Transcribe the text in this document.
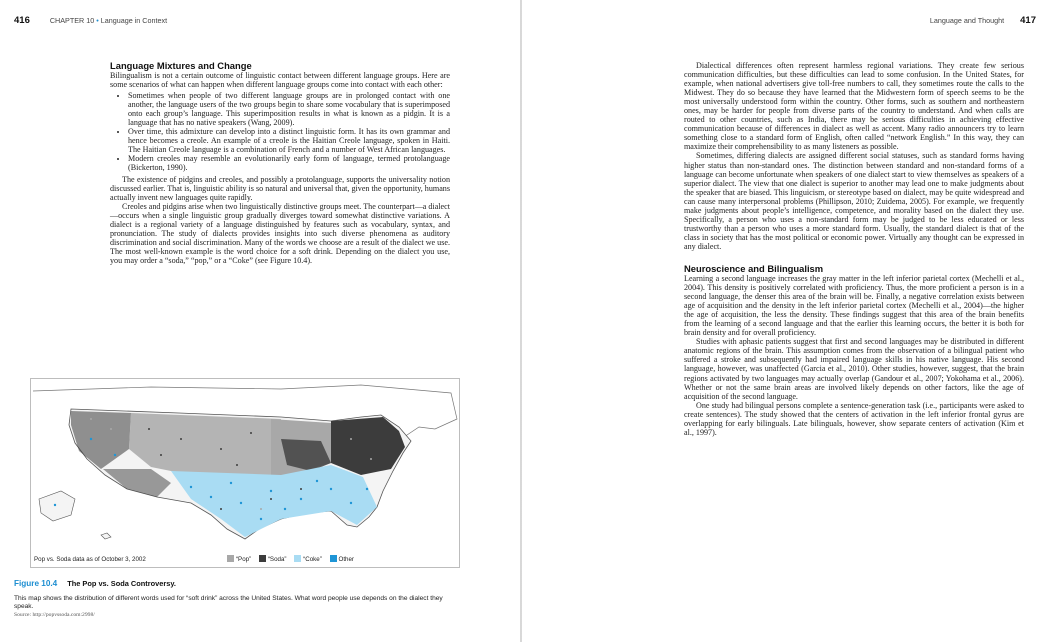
416	CHAPTER 10 • Language in Context
Language Mixtures and Change

Bilingualism is not a certain outcome of linguistic contact between different language groups. Here are some scenarios of what can happen when different language groups come into contact with each other:

• Sometimes when people of two different language groups are in prolonged contact with one another, the language users of the two groups begin to share some vocabulary that is superimposed onto each group’s language. This superimposition results in what is known as a pidgin. It is a language that has no native speakers (Wang, 2009).
• Over time, this admixture can develop into a distinct linguistic form. It has its own grammar and hence becomes a creole. An example of a creole is the Haitian Creole language, spoken in Haiti. The Haitian Creole language is a combination of French and a number of West African languages.
• Modern creoles may resemble an evolutionarily early form of language, termed protolanguage (Bickerton, 1990).

The existence of pidgins and creoles, and possibly a protolanguage, supports the universality notion discussed earlier. That is, linguistic ability is so natural and universal that, given the opportunity, humans actually invent new languages quite rapidly.

Creoles and pidgins arise when two linguistically distinctive groups meet. The counterpart—a dialect—occurs when a single linguistic group gradually diverges toward somewhat distinctive variations. A dialect is a regional variety of a language distinguished by features such as vocabulary, syntax, and pronunciation. The study of dialects provides insights into such diverse phenomena as auditory discrimination and social discrimination. Many of the words we choose are a result of the dialect we use. The most well-known example is the word choice for a soft drink. Depending on the dialect you use, you may order a “soda,” “pop,” or a “Coke” (see Figure 10.4).

Pop vs. Soda data as of October 3, 2002	“Pop”	“Soda”	“Coke”	Other
Figure 10.4 The Pop vs. Soda Controversy.
This map shows the distribution of different words used for “soft drink” across the United States. What word people use depends on the dialect they speak.
Source: http://popvssoda.com:2998/
Language and Thought 417

Dialectical differences often represent harmless regional variations. They create few serious communication difficulties, but these difficulties can lead to some confusion. In the United States, for example, when national advertisers give toll-free numbers to call, they sometimes route the calls to the Midwest. They do so because they have learned that the Midwestern form of speech seems to be the most universally understood form within the country. Other forms, such as southern and northeastern ones, may be harder for people from diverse parts of the country to understand. And when calls are routed to other countries, such as India, there may be serious difficulties in achieving effective communication because of differences in dialect as well as accent. Many radio announcers try to learn something close to a standard form of English, often called “network English.” In this way, they can maximize their comprehensibility to as many listeners as possible.

Sometimes, differing dialects are assigned different social statuses, such as standard forms having higher status than non-standard ones. The distinction between standard and non-standard forms of a language can become unfortunate when speakers of one dialect start to view themselves as speakers of a superior dialect. The view that one dialect is superior to another may lead one to make judgments about the speaker that are biased. This linguicism, or stereotype based on dialect, may be quite widespread and can cause many interpersonal problems (Phillipson, 2010; Zuidema, 2005). For example, we frequently make judgments about people’s intelligence, competence, and morality based on the dialect they use. Specifically, a person who uses a non-standard form may be judged to be less educated or less trustworthy than a person who uses a more standard form. Usually, the standard dialect is that of the class in society that has the most political or economic power. Virtually any thought can be expressed in any dialect.

Neuroscience and Bilingualism

Learning a second language increases the gray matter in the left inferior parietal cortex (Mechelli et al., 2004). This density is positively correlated with proficiency. Thus, the more proficient a person is in a second language, the denser this area of the brain will be. Finally, a negative correlation exists between age of acquisition and the density in the left inferior parietal cortex (Mechelli et al., 2004)—the higher the age of acquisition, the less the density. These findings suggest that this area of the brain benefits from the learning of a second language and that the earlier this learning occurs, the better it is both for brain density and for overall proficiency.

Studies with aphasic patients suggest that first and second languages may be distributed in different anatomic regions of the brain. This assumption comes from the observation of a bilingual patient who suffered a stroke and subsequently had impaired language skills in his native language. His second language, however, was unaffected (Garcia et al., 2010). Other studies, however, suggest, that the brain regions activated by two languages may actually overlap (Gandour et al., 2007; Yokohama et al., 2006). Whether or not the same brain areas are involved likely depends on other factors, like the age of acquisition of the second language.

One study had bilingual persons complete a sentence-generation task (i.e., participants were asked to create sentences). The study showed that the centers of activation in the left inferior frontal gyrus are overlapping for early bilinguals. Late bilinguals, however, show separate centers of activation (Kim et al., 1997).
